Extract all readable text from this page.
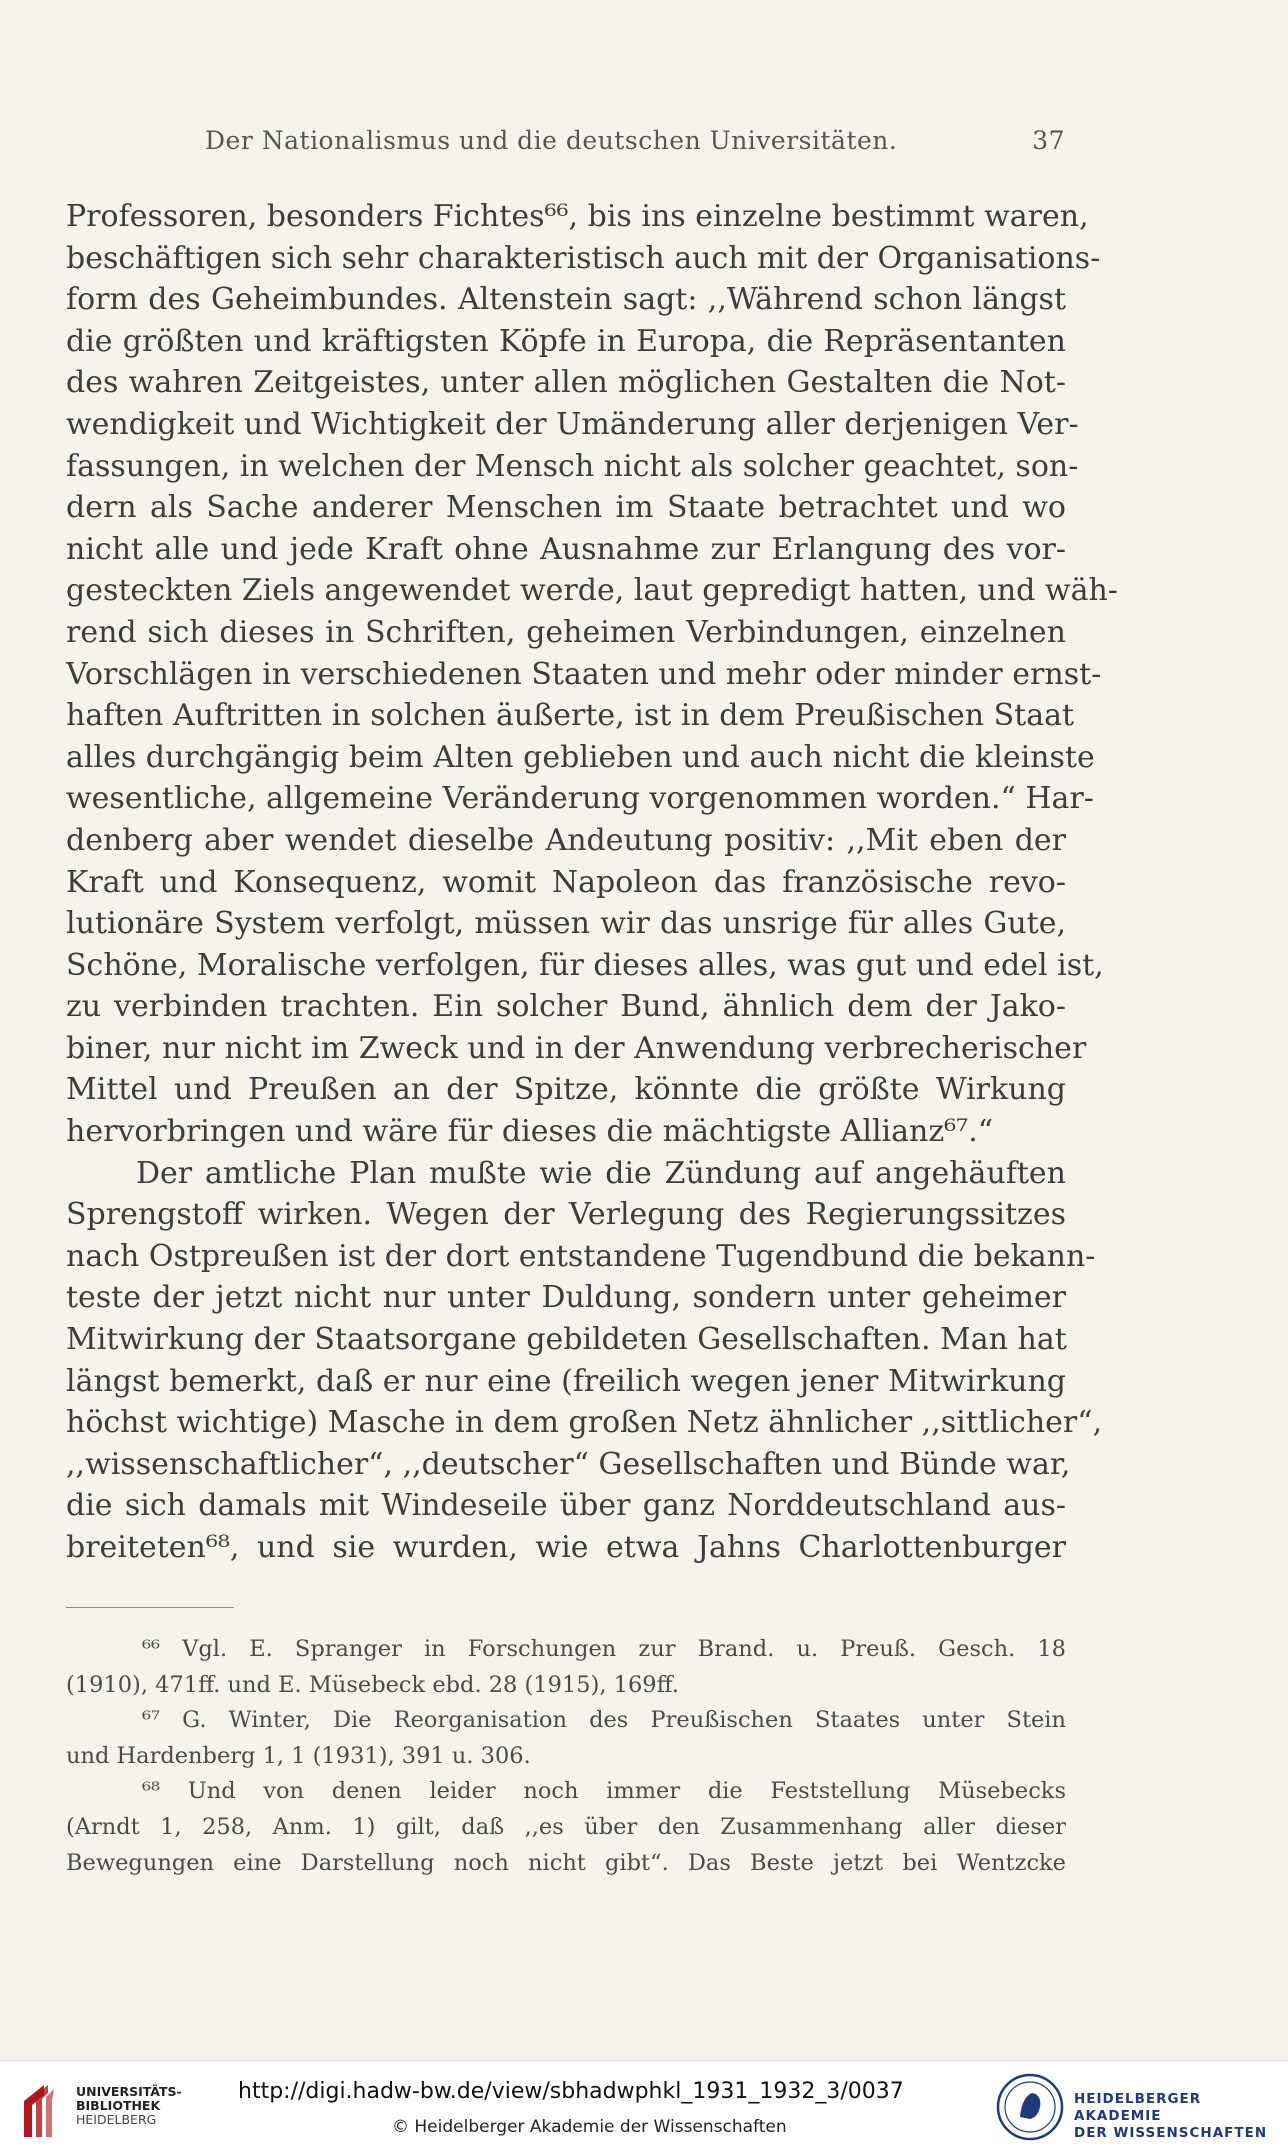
Der Nationalismus und die deutschen Universitäten.	37
Professoren, besonders Fichtes⁶⁶, bis ins einzelne bestimmt waren,
beschäftigen sich sehr charakteristisch auch mit der Organisations-
form des Geheimbundes. Altenstein sagt: ,,Während schon längst
die größten und kräftigsten Köpfe in Europa, die Repräsentanten
des wahren Zeitgeistes, unter allen möglichen Gestalten die Not-
wendigkeit und Wichtigkeit der Umänderung aller derjenigen Ver-
fassungen, in welchen der Mensch nicht als solcher geachtet, son-
dern als Sache anderer Menschen im Staate betrachtet und wo
nicht alle und jede Kraft ohne Ausnahme zur Erlangung des vor-
gesteckten Ziels angewendet werde, laut gepredigt hatten, und wäh-
rend sich dieses in Schriften, geheimen Verbindungen, einzelnen
Vorschlägen in verschiedenen Staaten und mehr oder minder ernst-
haften Auftritten in solchen äußerte, ist in dem Preußischen Staat
alles durchgängig beim Alten geblieben und auch nicht die kleinste
wesentliche, allgemeine Veränderung vorgenommen worden.“ Har-
denberg aber wendet dieselbe Andeutung positiv: ,,Mit eben der
Kraft und Konsequenz, womit Napoleon das französische revo-
lutionäre System verfolgt, müssen wir das unsrige für alles Gute,
Schöne, Moralische verfolgen, für dieses alles, was gut und edel ist,
zu verbinden trachten. Ein solcher Bund, ähnlich dem der Jako-
biner, nur nicht im Zweck und in der Anwendung verbrecherischer
Mittel und Preußen an der Spitze, könnte die größte Wirkung
hervorbringen und wäre für dieses die mächtigste Allianz⁶⁷.“
Der amtliche Plan mußte wie die Zündung auf angehäuften
Sprengstoff wirken. Wegen der Verlegung des Regierungssitzes
nach Ostpreußen ist der dort entstandene Tugendbund die bekann-
teste der jetzt nicht nur unter Duldung, sondern unter geheimer
Mitwirkung der Staatsorgane gebildeten Gesellschaften. Man hat
längst bemerkt, daß er nur eine (freilich wegen jener Mitwirkung
höchst wichtige) Masche in dem großen Netz ähnlicher ,,sittlicher“,
,,wissenschaftlicher“, ,,deutscher“ Gesellschaften und Bünde war,
die sich damals mit Windeseile über ganz Norddeutschland aus-
breiteten⁶⁸, und sie wurden, wie etwa Jahns Charlottenburger
⁶⁶ Vgl. E. Spranger in Forschungen zur Brand. u. Preuß. Gesch. 18
(1910), 471ff. und E. Müsebeck ebd. 28 (1915), 169ff.
⁶⁷ G. Winter, Die Reorganisation des Preußischen Staates unter Stein
und Hardenberg 1, 1 (1931), 391 u. 306.
⁶⁸ Und von denen leider noch immer die Feststellung Müsebecks
(Arndt 1, 258, Anm. 1) gilt, daß ,,es über den Zusammenhang aller dieser
Bewegungen eine Darstellung noch nicht gibt“. Das Beste jetzt bei Wentzcke
UNIVERSITÄTS-
BIBLIOTHEK
HEIDELBERG
http://digi.hadw-bw.de/view/sbhadwphkl_1931_1932_3/0037
© Heidelberger Akademie der Wissenschaften
HEIDELBERGER AKADEMIE
DER WISSENSCHAFTEN
